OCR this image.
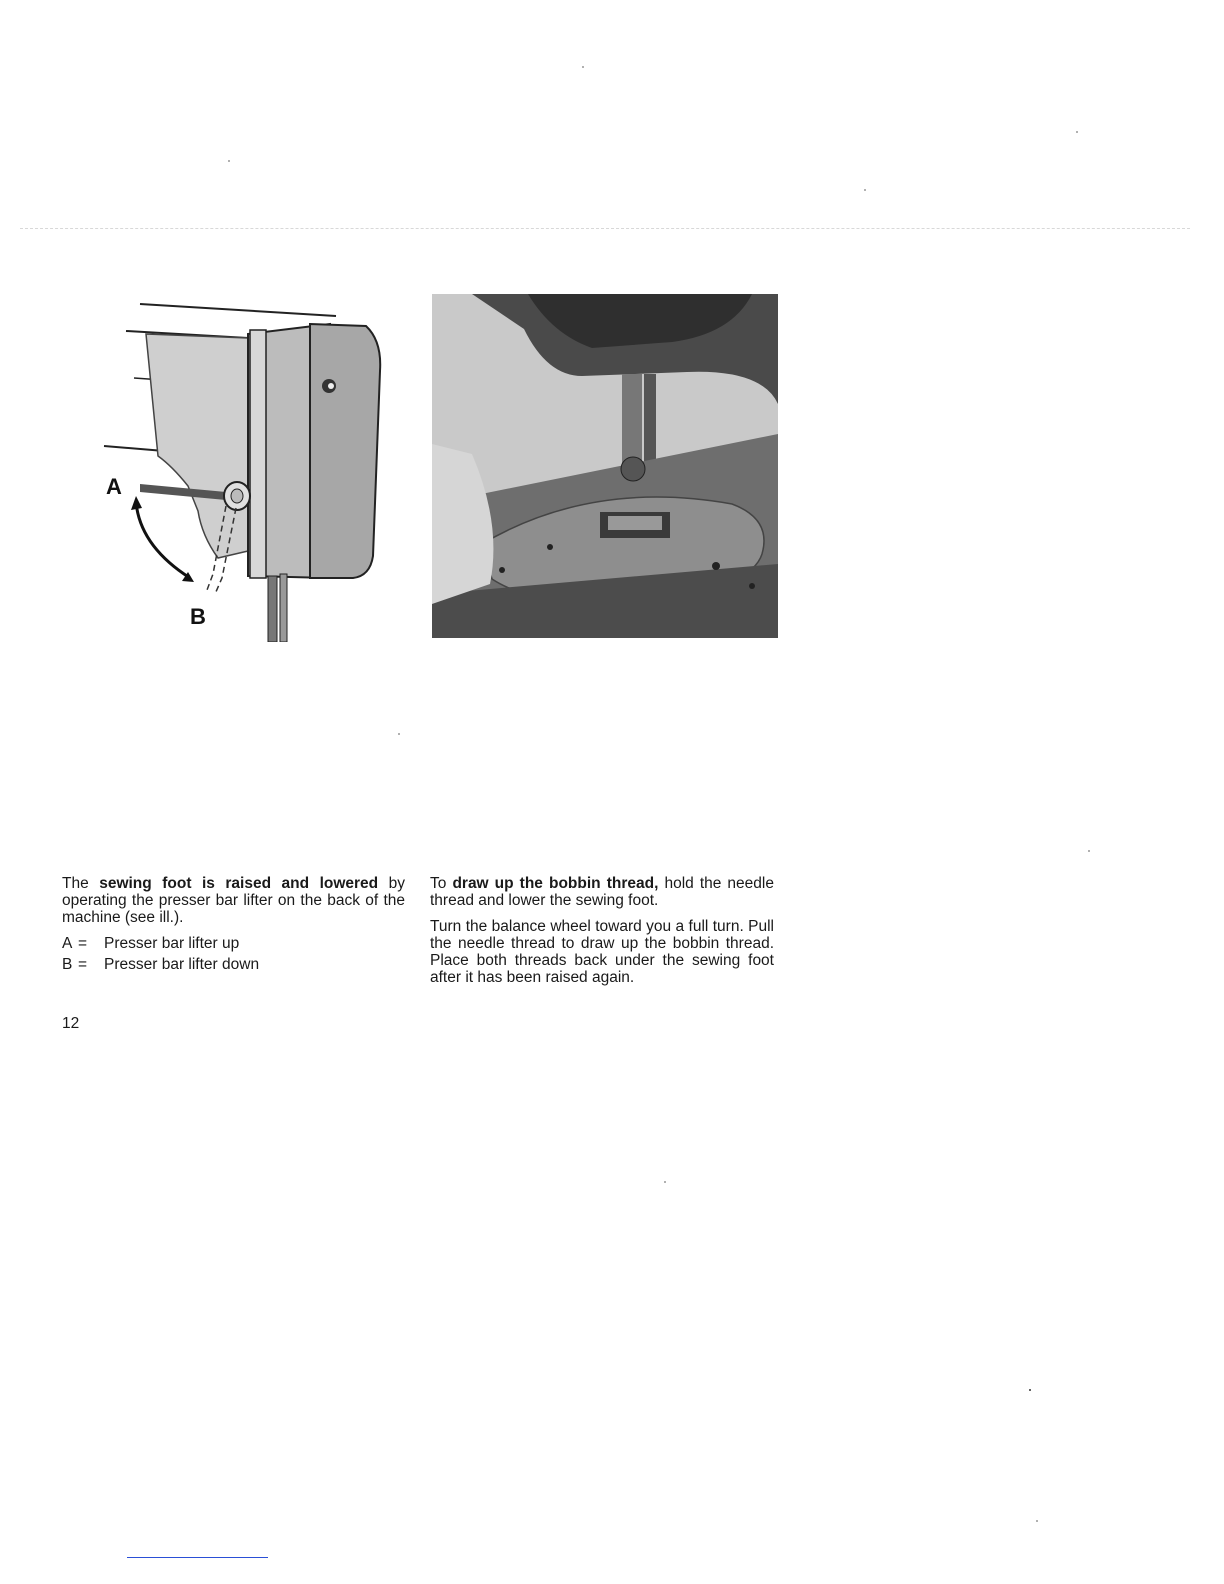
A
B

The sewing foot is raised and lowered by operating the presser bar lifter on the back of the machine (see ill.).

A =	Presser bar lifter up
B =	Presser bar lifter down

To draw up the bobbin thread, hold the needle thread and lower the sewing foot.

Turn the balance wheel toward you a full turn. Pull the needle thread to draw up the bobbin thread. Place both threads back under the sewing foot after it has been raised again.

12
